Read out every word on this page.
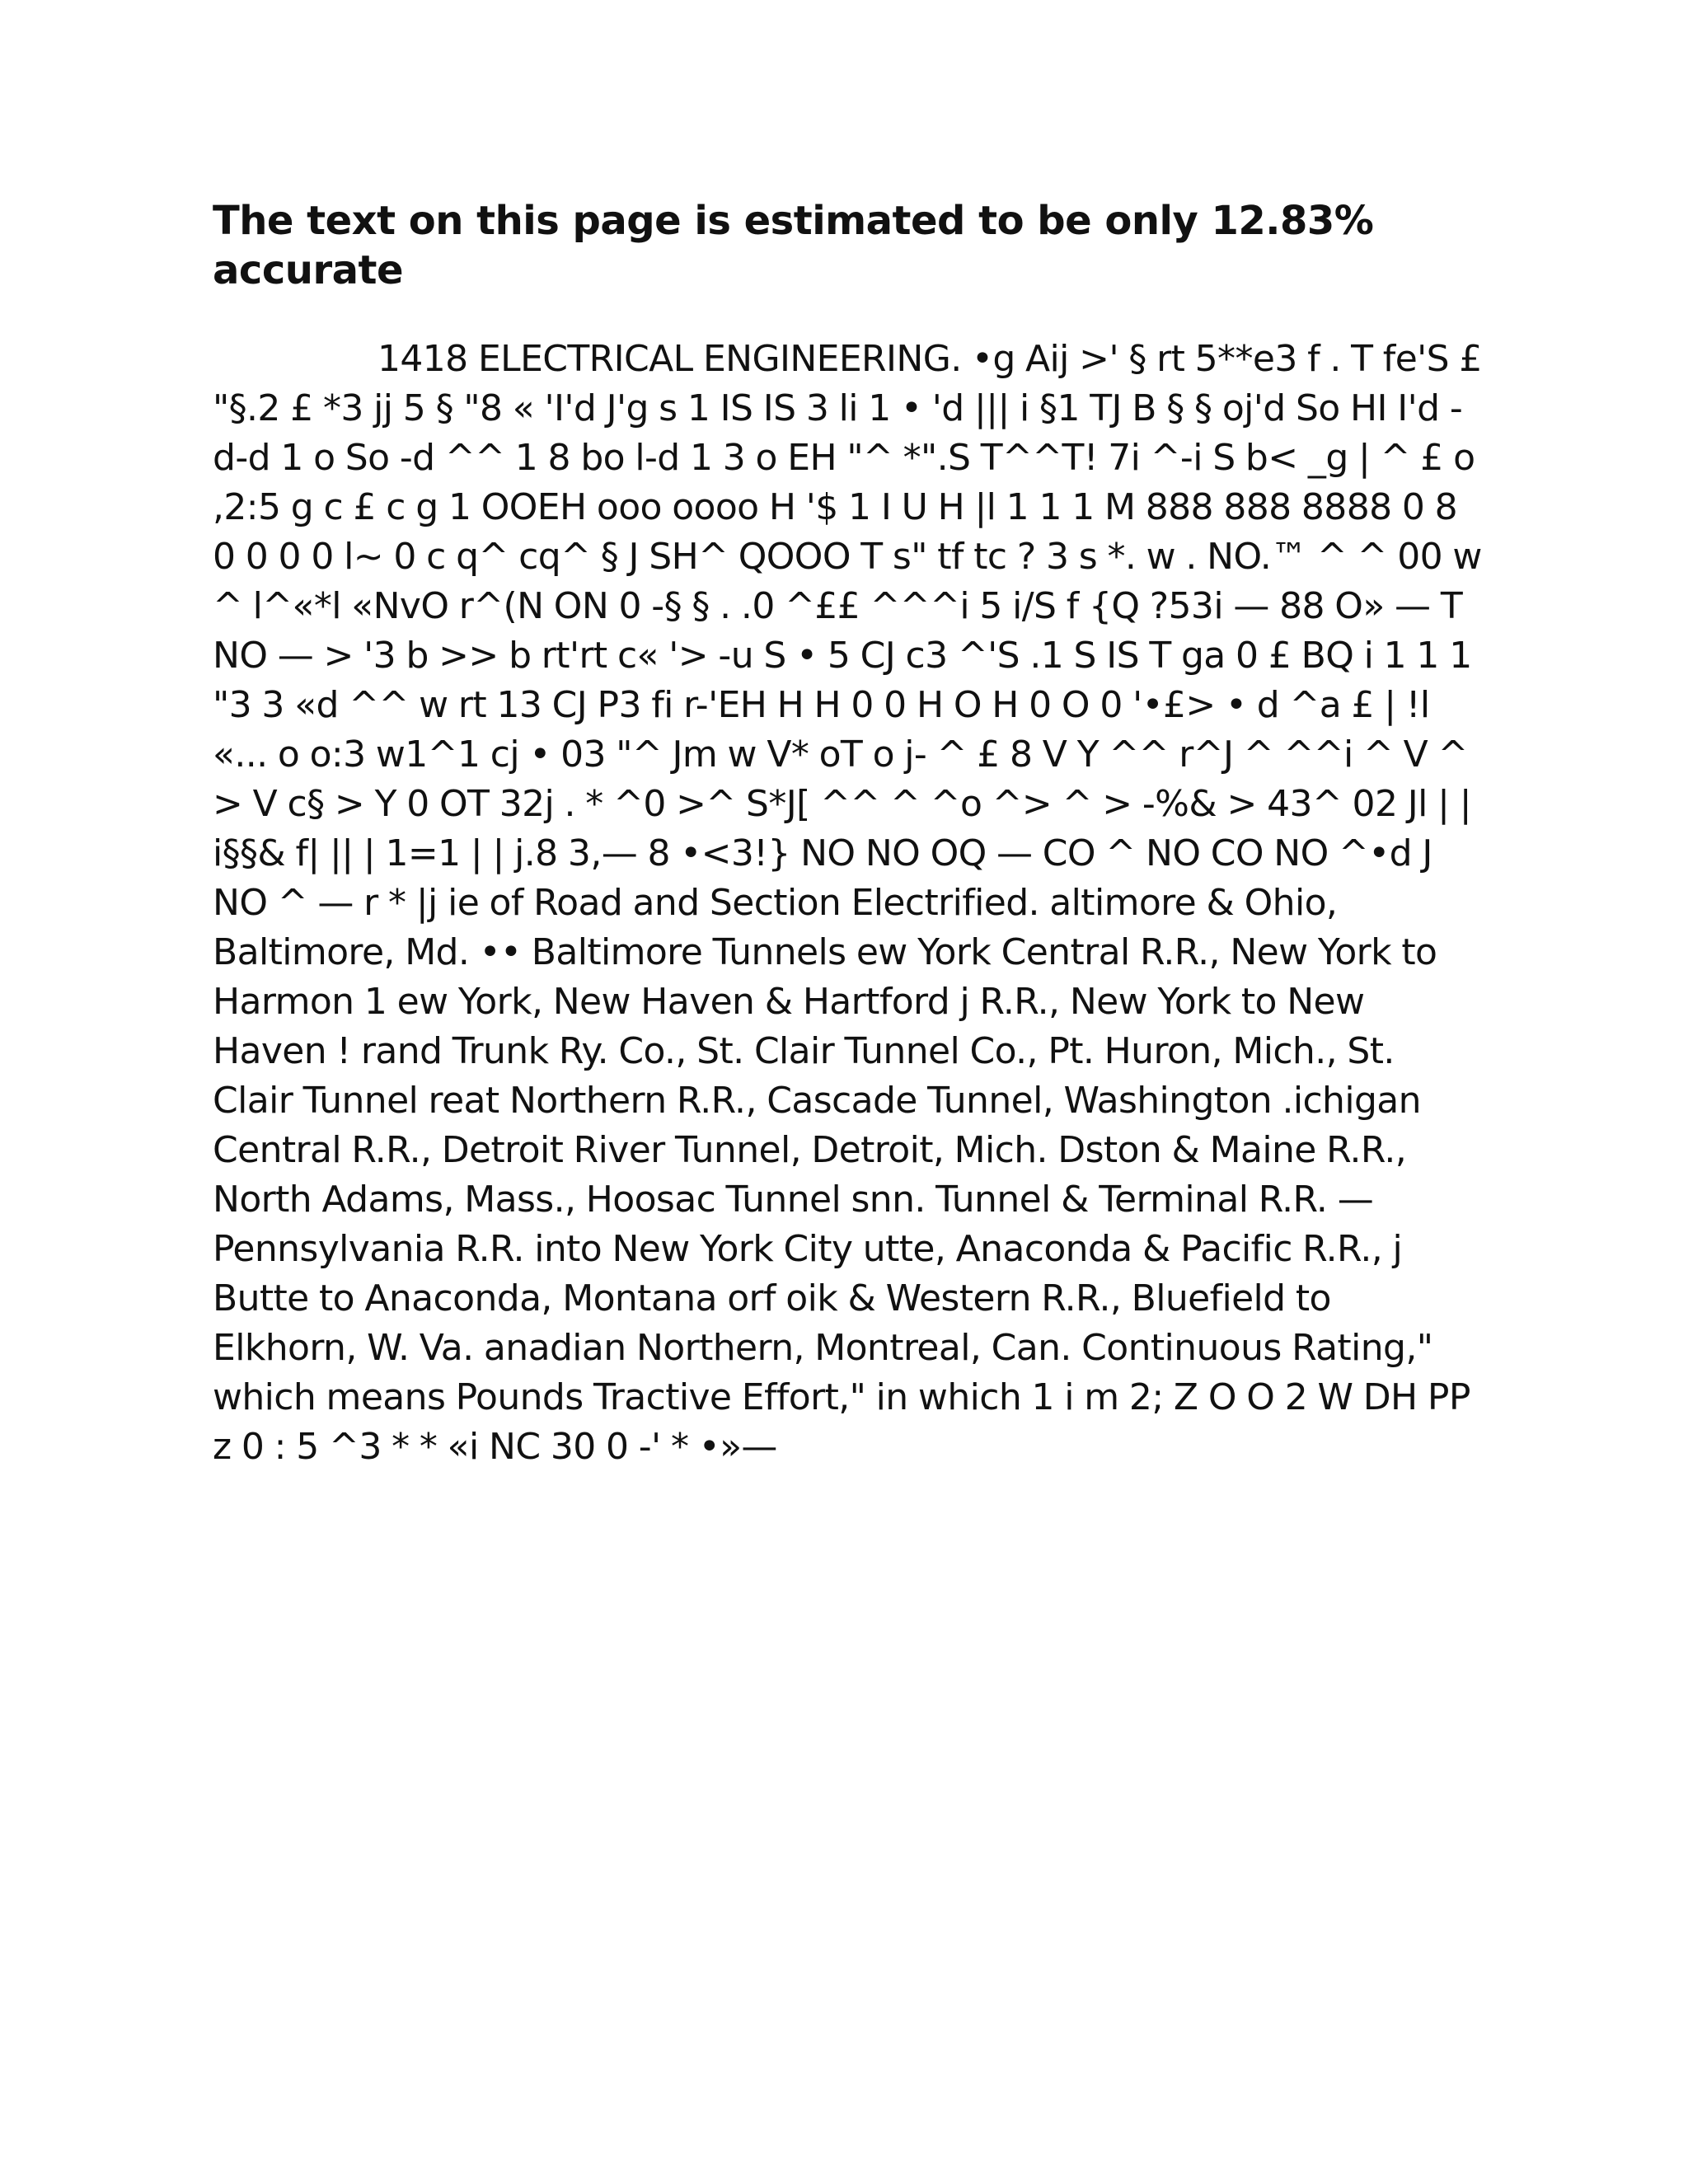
The text on this page is estimated to be only 12.83% accurate

1418 ELECTRICAL ENGINEERING. •g Aij >' § rt 5**e3 f . T fe'S £ "§.2 £ *3 jj 5 § "8 « 'I'd J'g s 1 IS IS 3 li 1 • 'd ||| i §1 TJ B § § oj'd So HI I'd -d-d 1 o So -d ^^ 1 8 bo l-d 1 3 o EH "^ *".S T^^T! 7i ^-i S b< _g | ^ £ o ,2:5 g c £ c g 1 OOEH ooo oooo H '$ 1 I U H |l 1 1 1 M 888 888 8888 0 8 0 0 0 0 l~ 0 c q^ cq^ § J SH^ QOOO T s" tf tc ? 3 s *. w . NO.™ ^ ^ 00 w ^ l^«*l «NvO r^(N ON 0 -§ § . .0 ^££ ^^^i 5 i/S f {Q ?53i — 88 O» — T NO — > '3 b >> b rt'rt c« '> -u S • 5 CJ c3 ^'S .1 S IS T ga 0 £ BQ i 1 1 1 "3 3 «d ^^ w rt 13 CJ P3 fi r-'EH H H 0 0 H O H 0 O 0 '•£> • d ^a £ | !l «... o o:3 w1^1 cj • 03 "^ Jm w V* oT o j- ^ £ 8 V Y ^^ r^J ^ ^^i ^ V ^ > V c§ > Y 0 OT 32j . * ^0 >^ S*J[ ^^ ^ ^o ^> ^ > -%& > 43^ 02 Jl | | i§§& f| || | 1=1 | | j.8 3,— 8 •<3!} NO NO OQ — CO ^ NO CO NO ^•d J NO ^ — r * |j ie of Road and Section Electrified. altimore & Ohio, Baltimore, Md. •• Baltimore Tunnels ew York Central R.R., New York to Harmon 1 ew York, New Haven & Hartford j R.R., New York to New Haven ! rand Trunk Ry. Co., St. Clair Tunnel Co., Pt. Huron, Mich., St. Clair Tunnel reat Northern R.R., Cascade Tunnel, Washington .ichigan Central R.R., Detroit River Tunnel, Detroit, Mich. Dston & Maine R.R., North Adams, Mass., Hoosac Tunnel snn. Tunnel & Terminal R.R. — Pennsylvania R.R. into New York City utte, Anaconda & Pacific R.R., j Butte to Anaconda, Montana orf oik & Western R.R., Bluefield to Elkhorn, W. Va. anadian Northern, Montreal, Can. Continuous Rating," which means Pounds Tractive Effort," in which 1 i m 2; Z O O 2 W DH PP z 0 : 5 ^3 * * «i NC 30 0 -' * •»—
